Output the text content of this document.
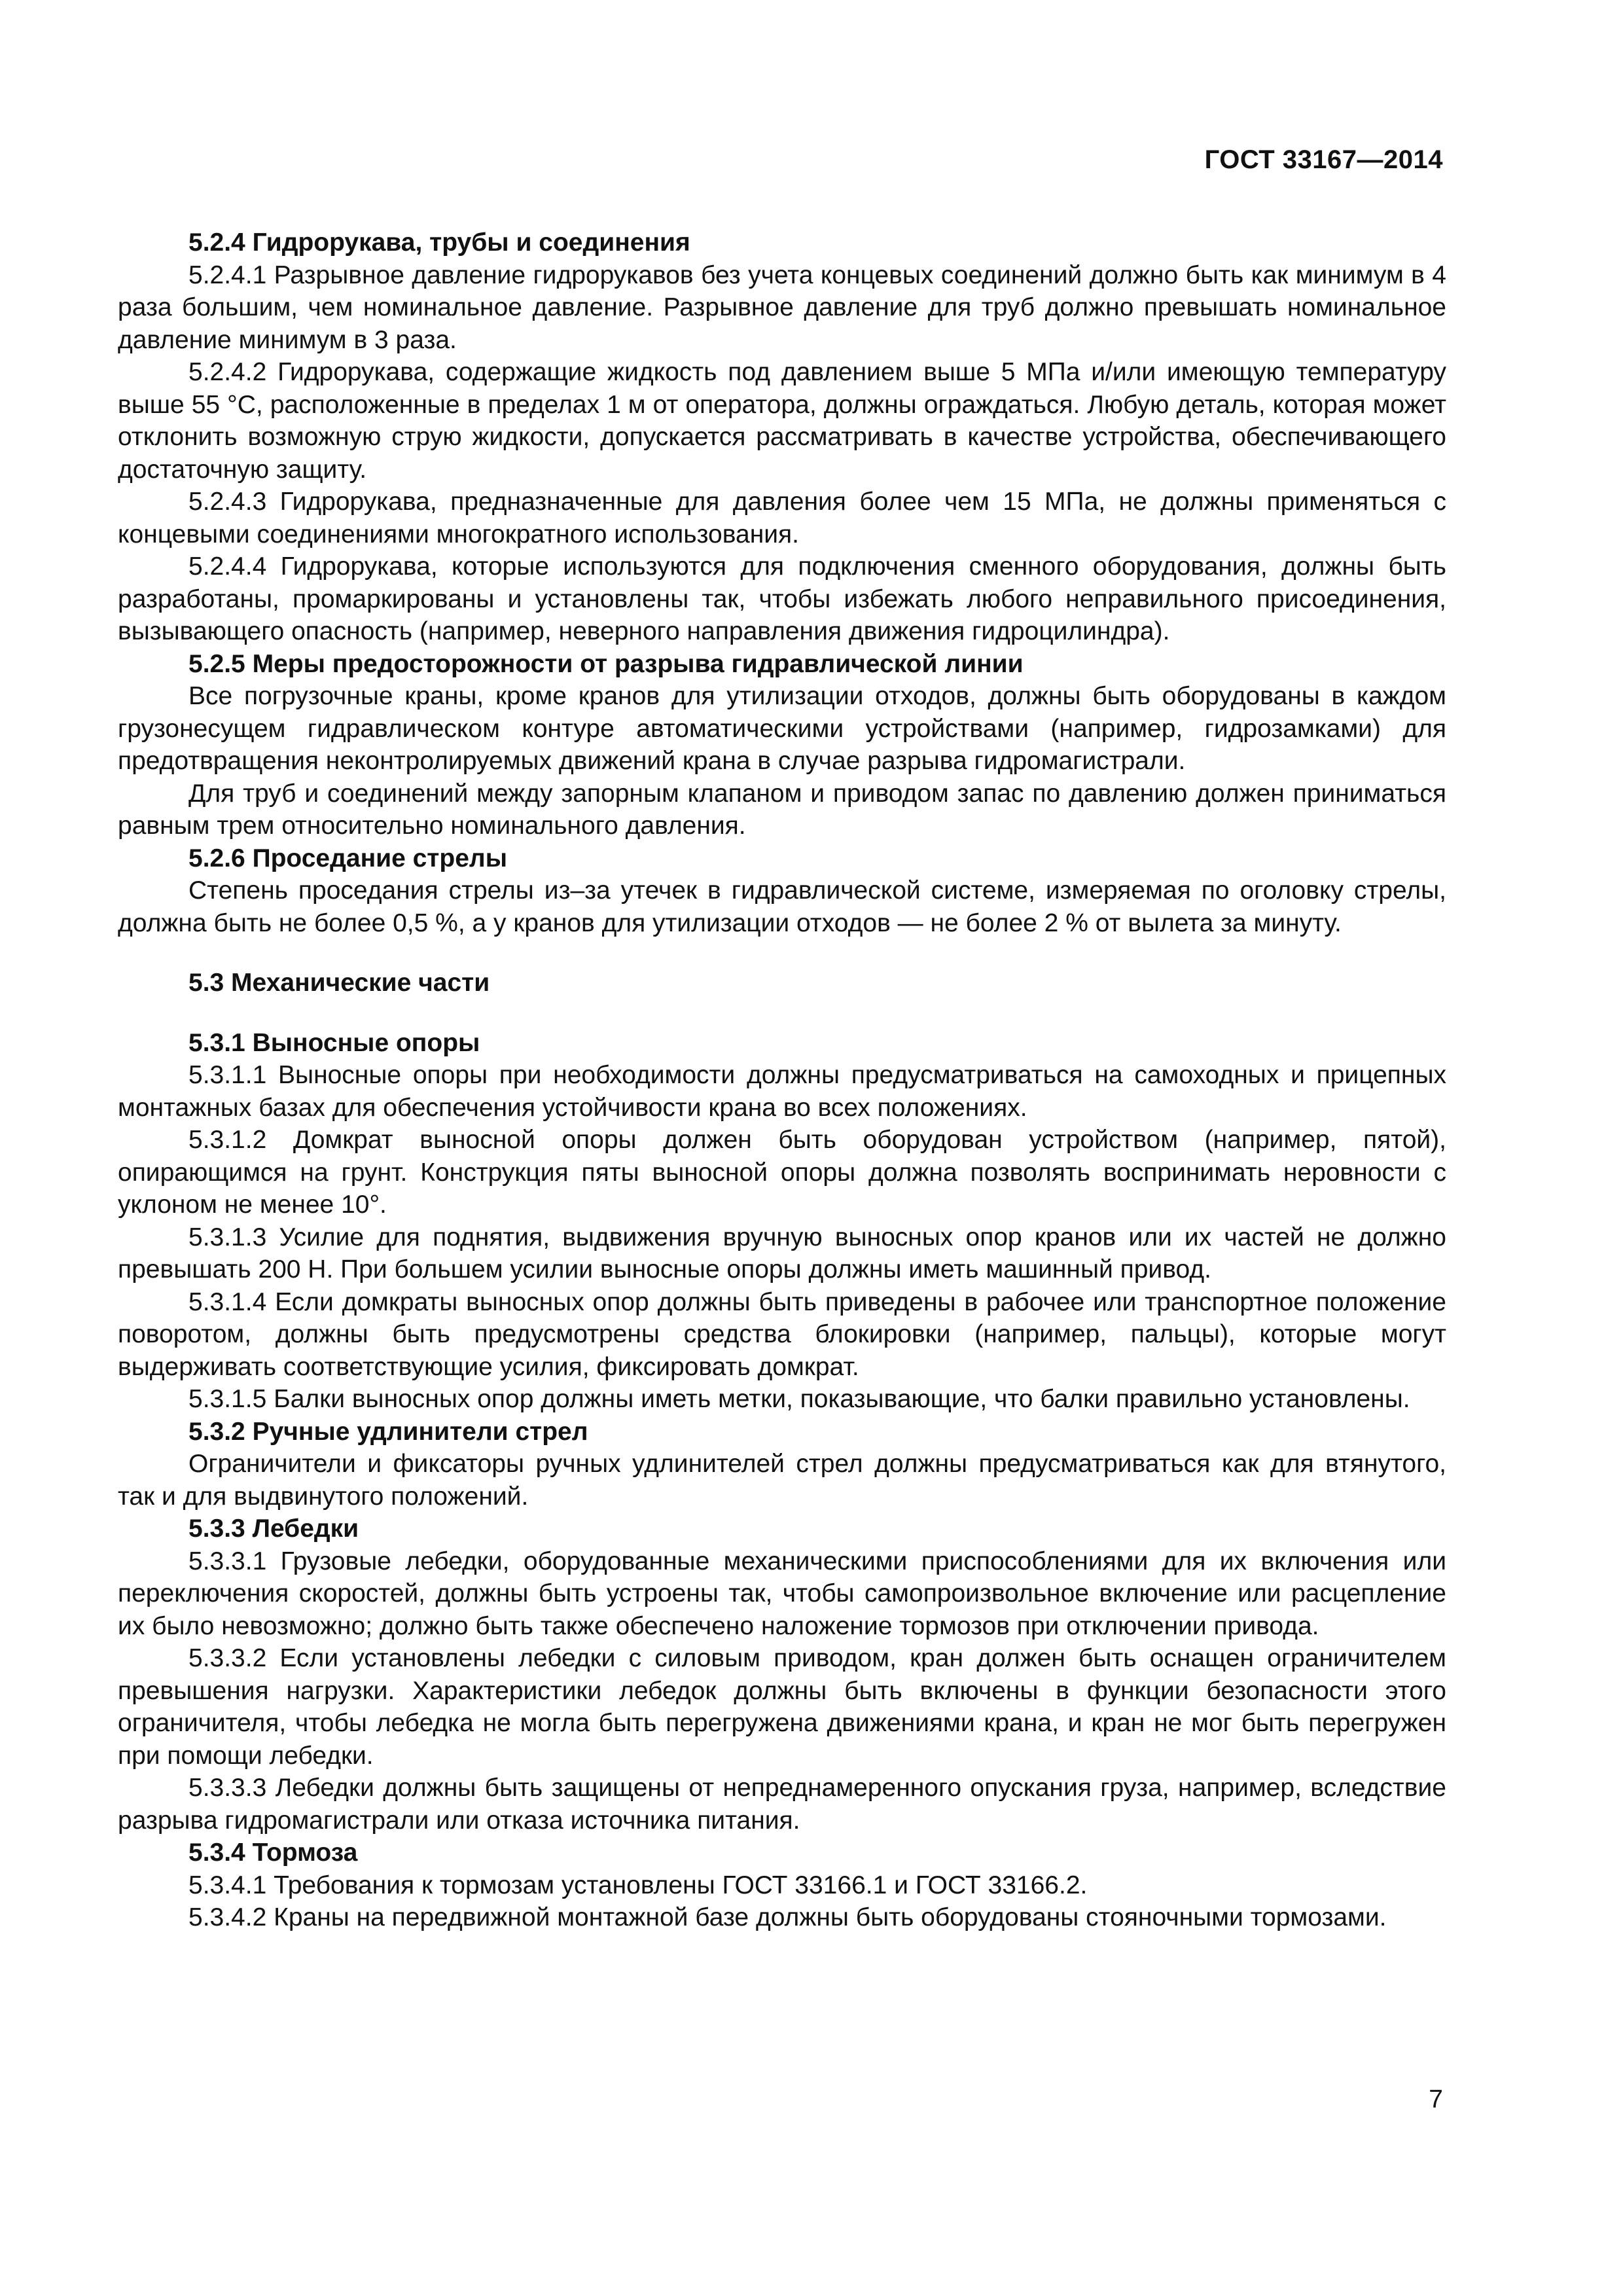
ГОСТ 33167—2014

5.2.4 Гидрорукава, трубы и соединения

5.2.4.1 Разрывное давление гидрорукавов без учета концевых соединений должно быть как минимум в 4 раза большим, чем номинальное давление. Разрывное давление для труб должно превышать номинальное давление минимум в 3 раза.

5.2.4.2 Гидрорукава, содержащие жидкость под давлением выше 5 МПа и/или имеющую температуру выше 55 °С, расположенные в пределах 1 м от оператора, должны ограждаться. Любую деталь, которая может отклонить возможную струю жидкости, допускается рассматривать в качестве устройства, обеспечивающего достаточную защиту.

5.2.4.3 Гидрорукава, предназначенные для давления более чем 15 МПа, не должны применяться с концевыми соединениями многократного использования.

5.2.4.4 Гидрорукава, которые используются для подключения сменного оборудования, должны быть разработаны, промаркированы и установлены так, чтобы избежать любого неправильного присоединения, вызывающего опасность (например, неверного направления движения гидроцилиндра).

5.2.5 Меры предосторожности от разрыва гидравлической линии

Все погрузочные краны, кроме кранов для утилизации отходов, должны быть оборудованы в каждом грузонесущем гидравлическом контуре автоматическими устройствами (например, гидрозамками) для предотвращения неконтролируемых движений крана в случае разрыва гидромагистрали.

Для труб и соединений между запорным клапаном и приводом запас по давлению должен приниматься равным трем относительно номинального давления.

5.2.6 Проседание стрелы

Степень проседания стрелы из–за утечек в гидравлической системе, измеряемая по оголовку стрелы, должна быть не более 0,5 %, а у кранов для утилизации отходов — не более 2 % от вылета за минуту.

5.3 Механические части

5.3.1 Выносные опоры

5.3.1.1 Выносные опоры при необходимости должны предусматриваться на самоходных и прицепных монтажных базах для обеспечения устойчивости крана во всех положениях.

5.3.1.2 Домкрат выносной опоры должен быть оборудован устройством (например, пятой), опирающимся на грунт. Конструкция пяты выносной опоры должна позволять воспринимать неровности с уклоном не менее 10°.

5.3.1.3 Усилие для поднятия, выдвижения вручную выносных опор кранов или их частей не должно превышать 200 Н. При большем усилии выносные опоры должны иметь машинный привод.

5.3.1.4 Если домкраты выносных опор должны быть приведены в рабочее или транспортное положение поворотом, должны быть предусмотрены средства блокировки (например, пальцы), которые могут выдерживать соответствующие усилия, фиксировать домкрат.

5.3.1.5 Балки выносных опор должны иметь метки, показывающие, что балки правильно установлены.

5.3.2 Ручные удлинители стрел

Ограничители и фиксаторы ручных удлинителей стрел должны предусматриваться как для втянутого, так и для выдвинутого положений.

5.3.3 Лебедки

5.3.3.1 Грузовые лебедки, оборудованные механическими приспособлениями для их включения или переключения скоростей, должны быть устроены так, чтобы самопроизвольное включение или расцепление их было невозможно; должно быть также обеспечено наложение тормозов при отключении привода.

5.3.3.2 Если установлены лебедки с силовым приводом, кран должен быть оснащен ограничителем превышения нагрузки. Характеристики лебедок должны быть включены в функции безопасности этого ограничителя, чтобы лебедка не могла быть перегружена движениями крана, и кран не мог быть перегружен при помощи лебедки.

5.3.3.3 Лебедки должны быть защищены от непреднамеренного опускания груза, например, вследствие разрыва гидромагистрали или отказа источника питания.

5.3.4 Тормоза

5.3.4.1 Требования к тормозам установлены ГОСТ 33166.1 и ГОСТ 33166.2.

5.3.4.2 Краны на передвижной монтажной базе должны быть оборудованы стояночными тормозами.

7
